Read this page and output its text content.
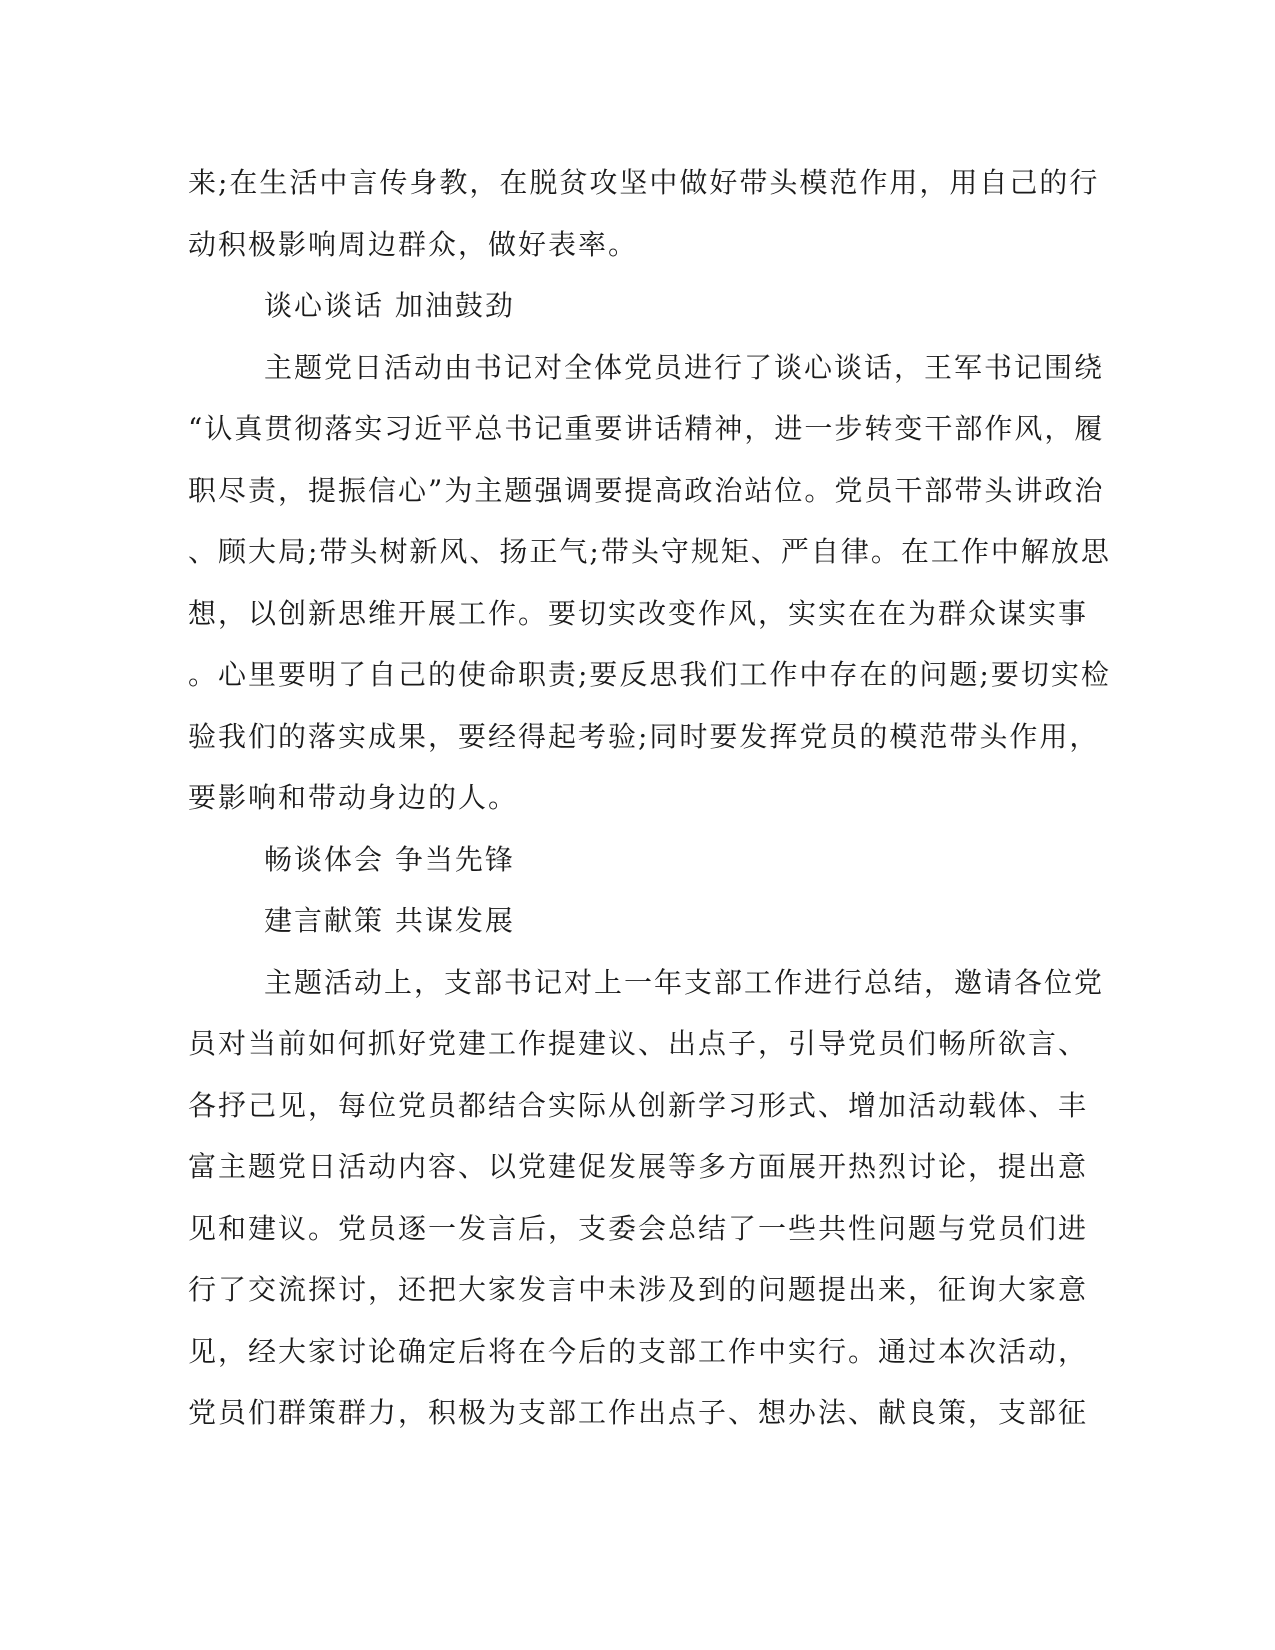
来;在生活中言传身教，在脱贫攻坚中做好带头模范作用，用自己的行
动积极影响周边群众，做好表率。
谈心谈话 加油鼓劲
主题党日活动由书记对全体党员进行了谈心谈话，王军书记围绕
“认真贯彻落实习近平总书记重要讲话精神，进一步转变干部作风，履
职尽责，提振信心”为主题强调要提高政治站位。党员干部带头讲政治
、顾大局;带头树新风、扬正气;带头守规矩、严自律。在工作中解放思
想，以创新思维开展工作。要切实改变作风，实实在在为群众谋实事
。心里要明了自己的使命职责;要反思我们工作中存在的问题;要切实检
验我们的落实成果，要经得起考验;同时要发挥党员的模范带头作用，
要影响和带动身边的人。
畅谈体会 争当先锋
建言献策 共谋发展
主题活动上，支部书记对上一年支部工作进行总结，邀请各位党
员对当前如何抓好党建工作提建议、出点子，引导党员们畅所欲言、
各抒己见，每位党员都结合实际从创新学习形式、增加活动载体、丰
富主题党日活动内容、以党建促发展等多方面展开热烈讨论，提出意
见和建议。党员逐一发言后，支委会总结了一些共性问题与党员们进
行了交流探讨，还把大家发言中未涉及到的问题提出来，征询大家意
见，经大家讨论确定后将在今后的支部工作中实行。通过本次活动，
党员们群策群力，积极为支部工作出点子、想办法、献良策，支部征
